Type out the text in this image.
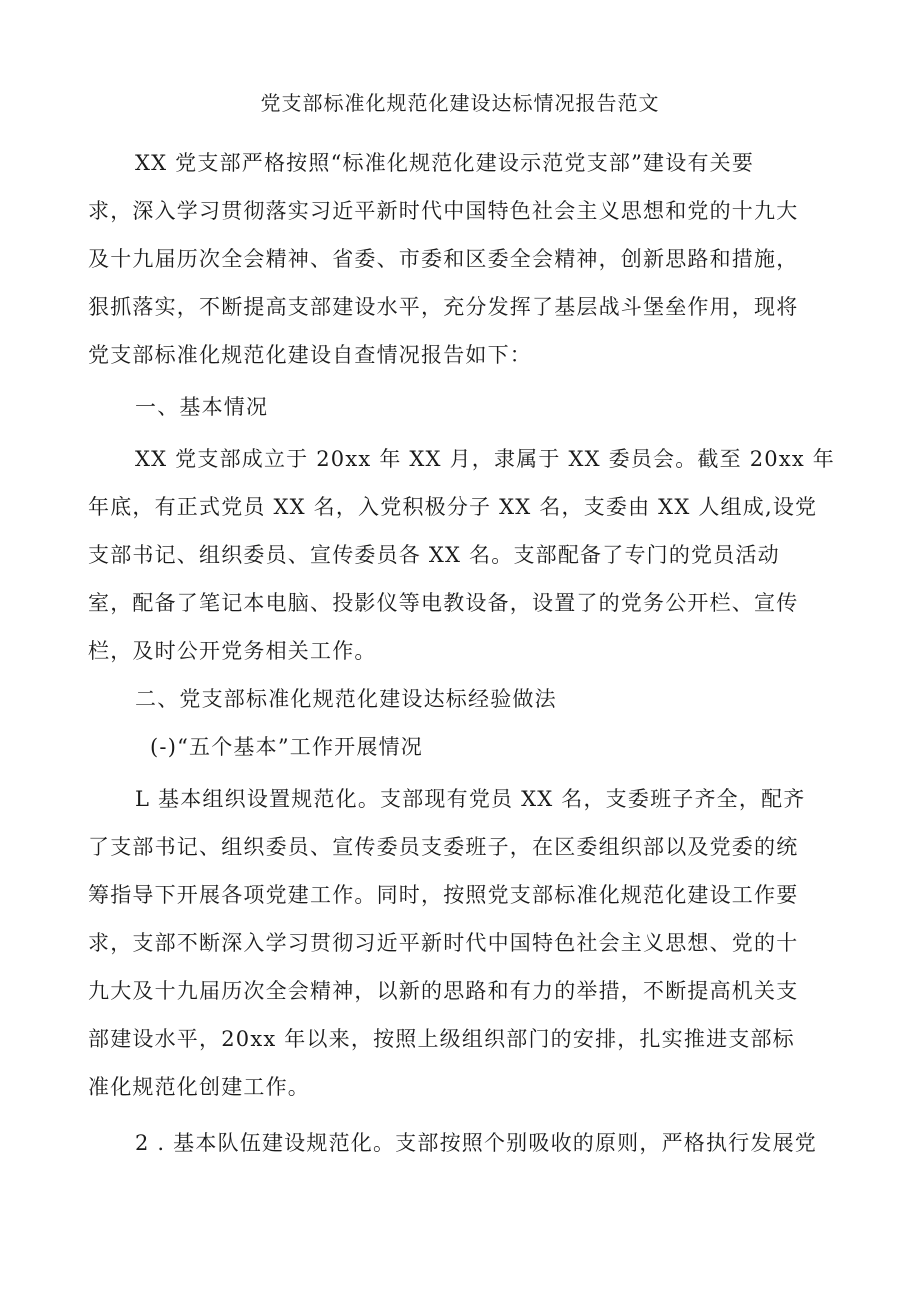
党支部标准化规范化建设达标情况报告范文
XX 党支部严格按照“标准化规范化建设示范党支部”建设有关要
求，深入学习贯彻落实习近平新时代中国特色社会主义思想和党的十九大
及十九届历次全会精神、省委、市委和区委全会精神，创新思路和措施，
狠抓落实，不断提高支部建设水平，充分发挥了基层战斗堡垒作用，现将
党支部标准化规范化建设自查情况报告如下：
一、基本情况
XX 党支部成立于 20xx 年 XX 月，隶属于 XX 委员会。截至 20xx 年
年底，有正式党员 XX 名，入党积极分子 XX 名，支委由 XX 人组成,设党
支部书记、组织委员、宣传委员各 XX 名。支部配备了专门的党员活动
室，配备了笔记本电脑、投影仪等电教设备，设置了的党务公开栏、宣传
栏，及时公开党务相关工作。
二、党支部标准化规范化建设达标经验做法
(-)“五个基本”工作开展情况
L 基本组织设置规范化。支部现有党员 XX 名，支委班子齐全，配齐
了支部书记、组织委员、宣传委员支委班子，在区委组织部以及党委的统
筹指导下开展各项党建工作。同时，按照党支部标准化规范化建设工作要
求，支部不断深入学习贯彻习近平新时代中国特色社会主义思想、党的十
九大及十九届历次全会精神，以新的思路和有力的举措，不断提高机关支
部建设水平，20xx 年以来，按照上级组织部门的安排，扎实推进支部标
准化规范化创建工作。
2 . 基本队伍建设规范化。支部按照个别吸收的原则，严格执行发展党
